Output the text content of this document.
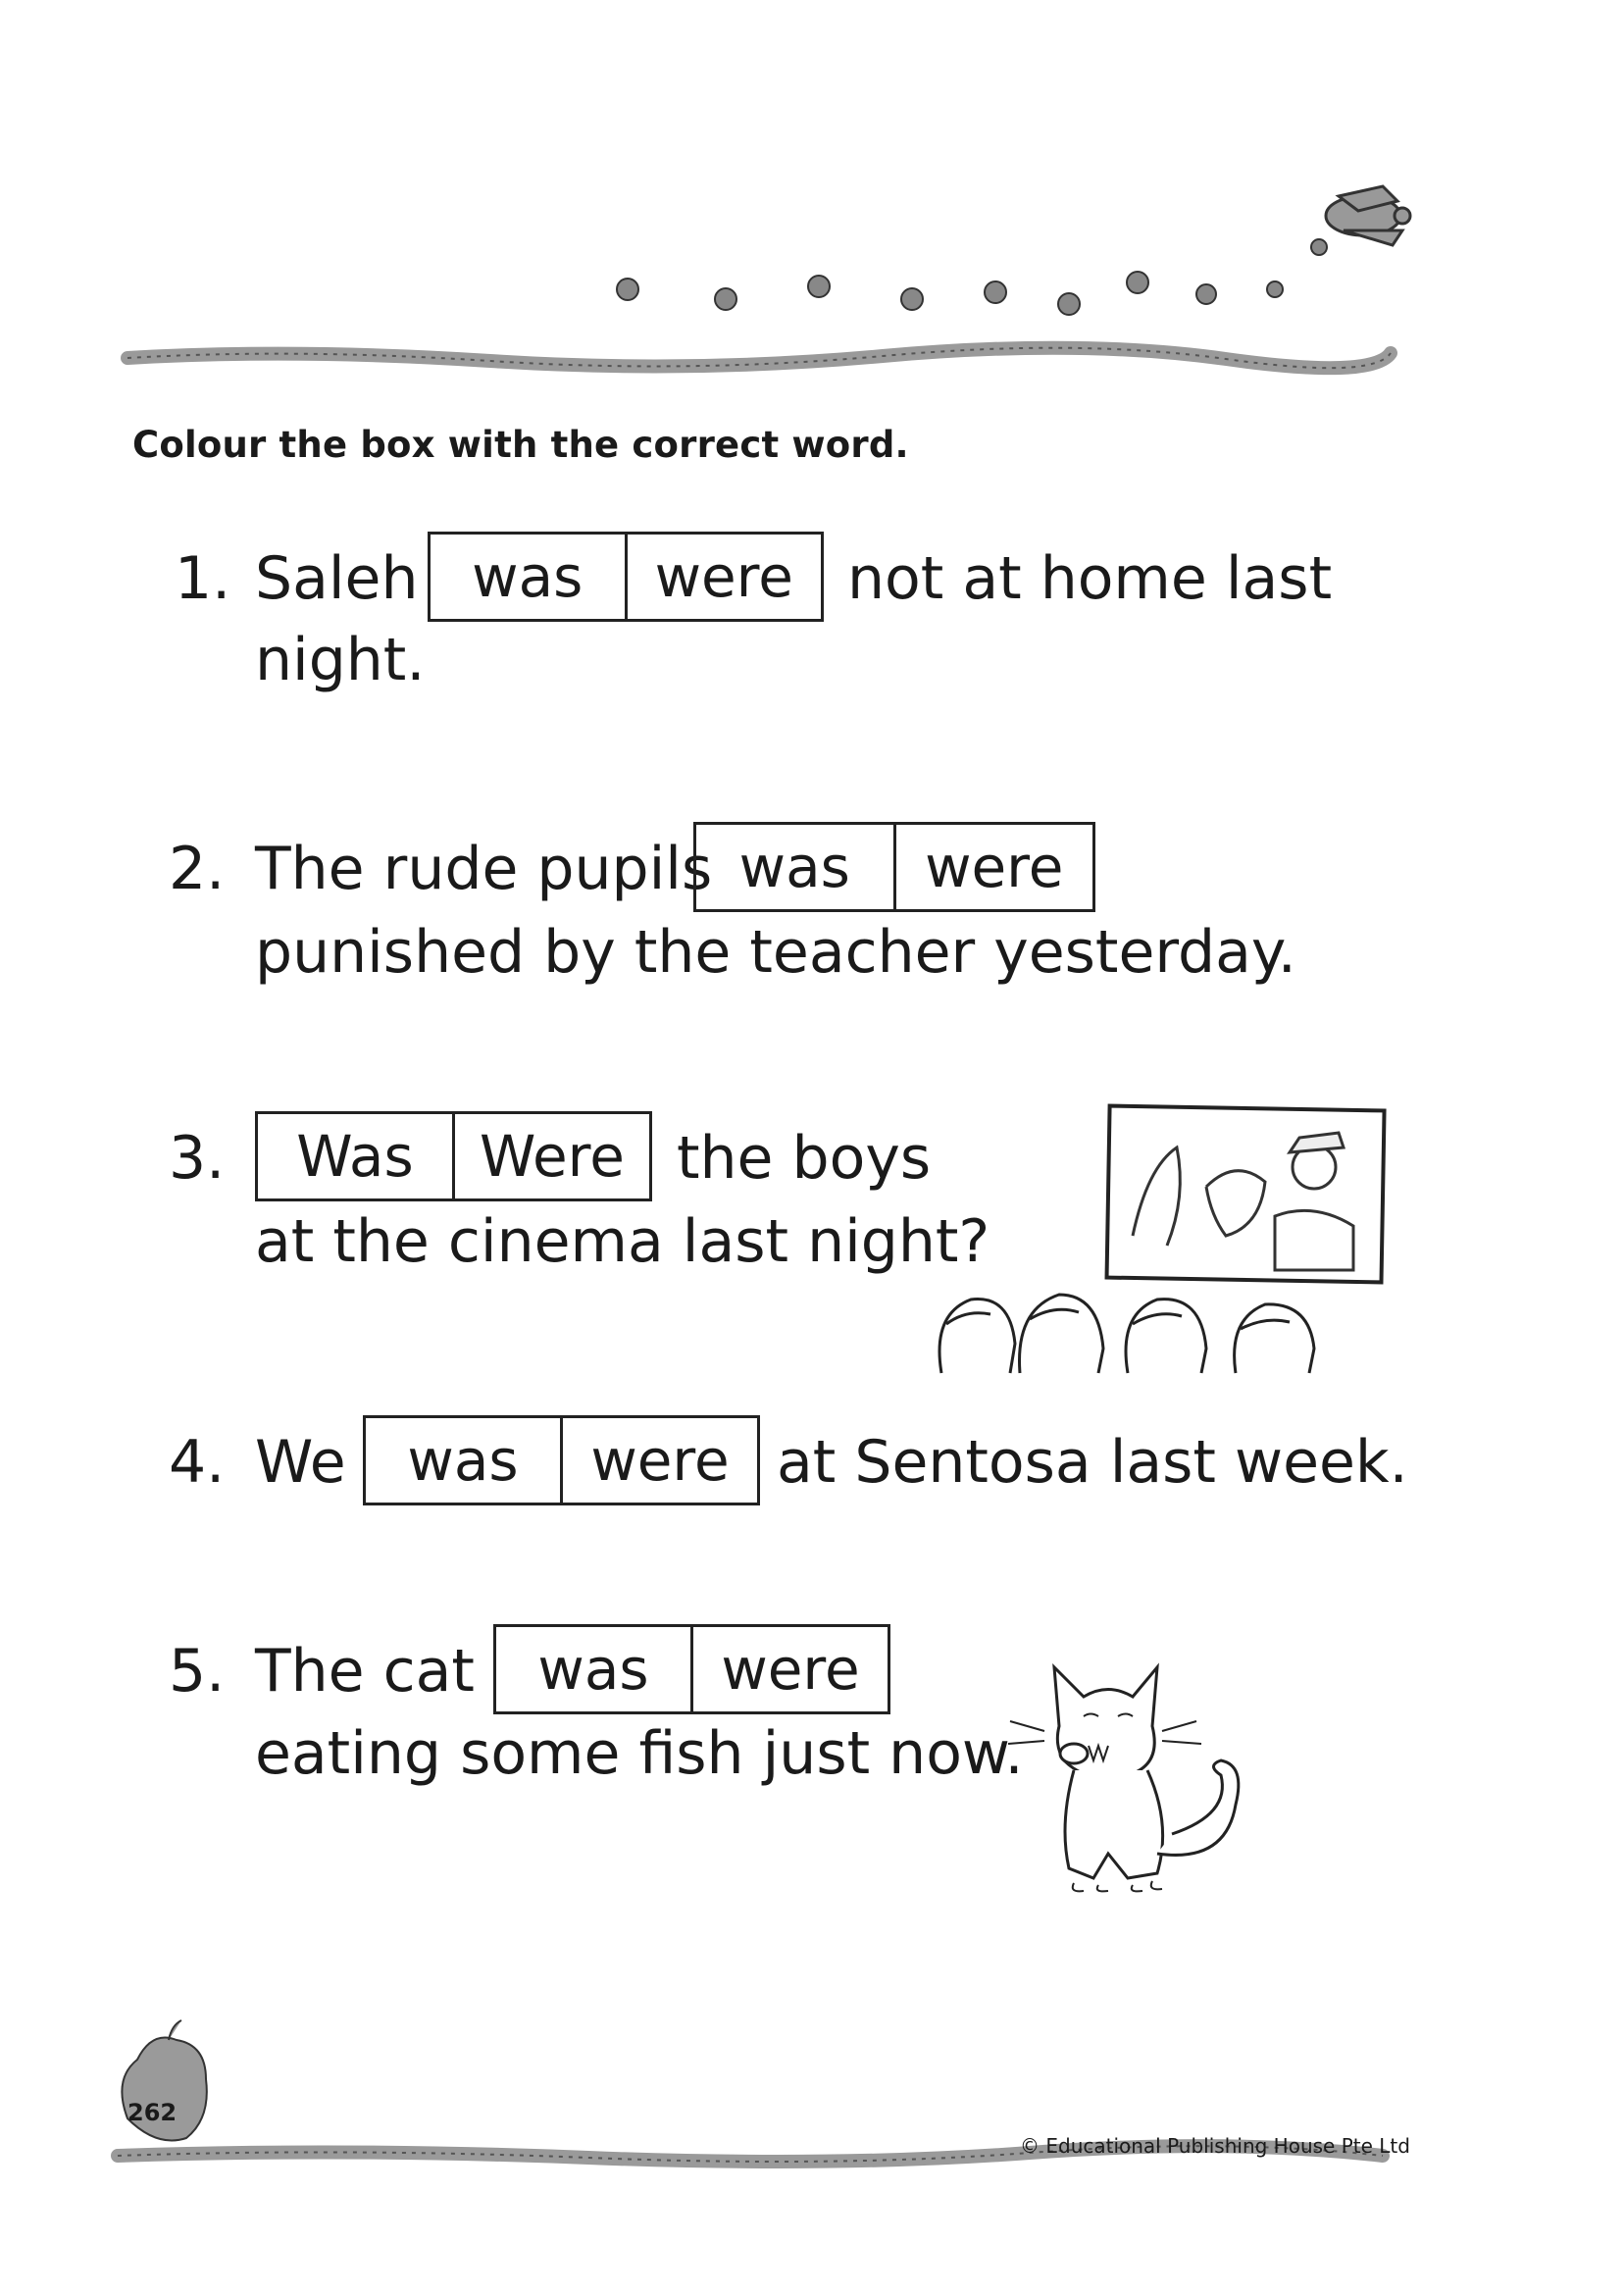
Colour the box with the correct word.
1. Saleh was	were not at home last
night.
2. The rude pupils was	were
punished by the teacher yesterday.
3.	Was	Were the boys
at the cinema last night?
4. We	was	were at Sentosa last week.
5. The cat	was	were
eating some fish just now.
262
© Educational Publishing House Pte Ltd
